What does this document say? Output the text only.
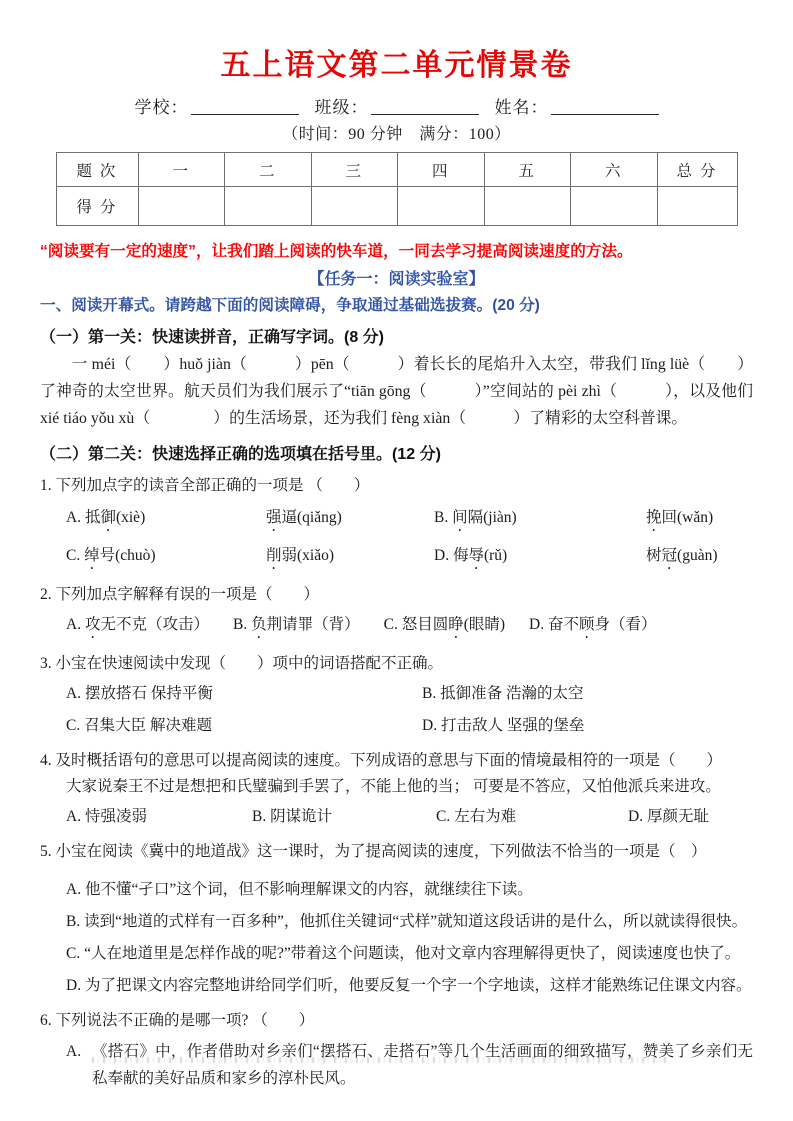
五上语文第二单元情景卷
学校：	班级：	姓名：
（时间：90 分钟　满分：100）
题 次	一	二	三	四	五	六	总 分
得 分							
“阅读要有一定的速度”，让我们踏上阅读的快车道，一同去学习提高阅读速度的方法。
【任务一：阅读实验室】
一、阅读开幕式。请跨越下面的阅读障碍，争取通过基础选拔赛。(20 分)
（一）第一关：快速读拼音，正确写字词。(8 分)
一 méi（　　）huǒ jiàn（　　　）pēn（　　　）着长长的尾焰升入太空，带我们 lǐng lüè（　　）了神奇的太空世界。航天员们为我们展示了“tiān gōng（　　　）”空间站的 pèi zhì（　　　），以及他们 xié tiáo yǒu xù（　　　　）的生活场景，还为我们 fèng xiàn（　　　）了精彩的太空科普课。
（二）第二关：快速选择正确的选项填在括号里。(12 分)
1. 下列加点字的读音全部正确的一项是 （　　）
A. 抵御(xiè)	强逼(qiǎng)	B. 间隔(jiàn)	挽回(wǎn)
C. 绰号(chuò)	削弱(xiǎo)	D. 侮辱(rǔ)	树冠(guàn)
2. 下列加点字解释有误的一项是（　　）
A. 攻无不克（攻击） B. 负荆请罪（背） C. 怒目圆睁(眼睛) D. 奋不顾身（看）
3. 小宝在快速阅读中发现（　　）项中的词语搭配不正确。
A. 摆放搭石 保持平衡	B. 抵御准备 浩瀚的太空
C. 召集大臣 解决难题	D. 打击敌人 坚强的堡垒
4. 及时概括语句的意思可以提高阅读的速度。下列成语的意思与下面的情境最相符的一项是（　　）
大家说秦王不过是想把和氏璧骗到手罢了，不能上他的当； 可要是不答应，又怕他派兵来进攻。
A. 恃强凌弱	B. 阴谋诡计	C. 左右为难	D. 厚颜无耻
5. 小宝在阅读《冀中的地道战》这一课时，为了提高阅读的速度，下列做法不恰当的一项是（　）
A. 他不懂“孑口”这个词，但不影响理解课文的内容，就继续往下读。
B. 读到“地道的式样有一百多种”，他抓住关键词“式样”就知道这段话讲的是什么，所以就读得很快。
C. “人在地道里是怎样作战的呢?”带着这个问题读，他对文章内容理解得更快了，阅读速度也快了。
D. 为了把课文内容完整地讲给同学们听，他要反复一个字一个字地读，这样才能熟练记住课文内容。
6. 下列说法不正确的是哪一项? （　　）
A. 《搭石》中，作者借助对乡亲们“摆搭石、走搭石”等几个生活画面的细致描写，赞美了乡亲们无私奉献的美好品质和家乡的淳朴民风。
